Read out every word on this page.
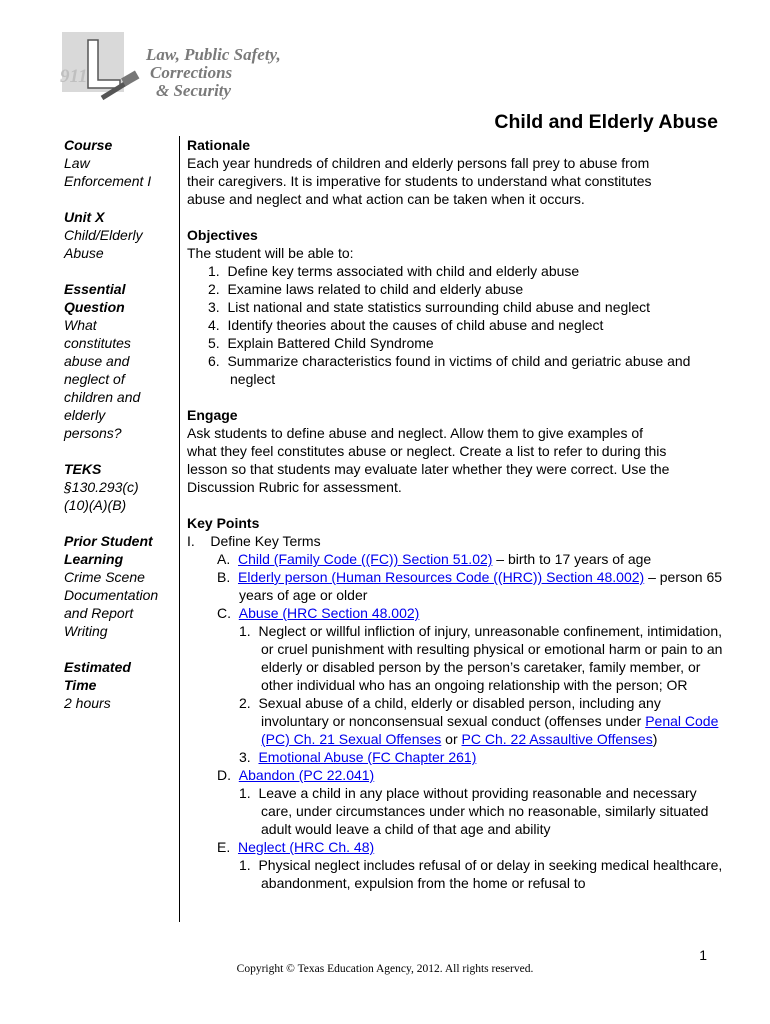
911
Law, Public Safety,
Corrections
& Security
Child and Elderly Abuse
Course
Law
Enforcement I
Unit X
Child/Elderly
Abuse
Essential
Question
What
constitutes
abuse and
neglect of
children and
elderly
persons?
TEKS
§130.293(c)
(10)(A)(B)
Prior Student
Learning
Crime Scene
Documentation
and Report
Writing
Estimated
Time
2 hours
Rationale

Each year hundreds of children and elderly persons fall prey to abuse from

their caregivers. It is imperative for students to understand what constitutes

abuse and neglect and what action can be taken when it occurs.

Objectives

The student will be able to:

1. Define key terms associated with child and elderly abuse
2. Examine laws related to child and elderly abuse
3. List national and state statistics surrounding child abuse and neglect
4. Identify theories about the causes of child abuse and neglect
5. Explain Battered Child Syndrome
6. Summarize characteristics found in victims of child and geriatric abuse and neglect
Engage

Ask students to define abuse and neglect. Allow them to give examples of

what they feel constitutes abuse or neglect. Create a list to refer to during this

lesson so that students may evaluate later whether they were correct. Use the

Discussion Rubric for assessment.

Key Points
I. Define Key Terms
A. Child (Family Code ((FC)) Section 51.02) – birth to 17 years of age
B. Elderly person (Human Resources Code ((HRC)) Section 48.002) – person 65 years of age or older
C. Abuse (HRC Section 48.002)
1. Neglect or willful infliction of injury, unreasonable confinement, intimidation, or cruel punishment with resulting physical or emotional harm or pain to an elderly or disabled person by the person’s caretaker, family member, or other individual who has an ongoing relationship with the person; OR
2. Sexual abuse of a child, elderly or disabled person, including any involuntary or nonconsensual sexual conduct (offenses under Penal Code (PC) Ch. 21 Sexual Offenses or PC Ch. 22 Assaultive Offenses)
3. Emotional Abuse (FC Chapter 261)
D. Abandon (PC 22.041)
1. Leave a child in any place without providing reasonable and necessary care, under circumstances under which no reasonable, similarly situated adult would leave a child of that age and ability
E. Neglect (HRC Ch. 48)
1. Physical neglect includes refusal of or delay in seeking medical healthcare, abandonment, expulsion from the home or refusal to
1
Copyright © Texas Education Agency, 2012. All rights reserved.
